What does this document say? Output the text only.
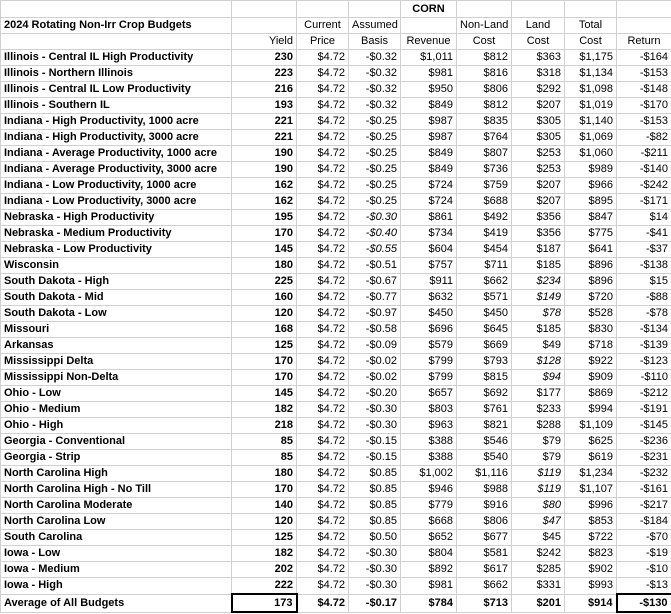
				CORN				
2024 Rotating Non-Irr Crop Budgets		Current	Assumed		Non-Land	Land	Total	
	Yield	Price	Basis	Revenue	Cost	Cost	Cost	Return
Illinois - Central IL High Productivity	230	$4.72	-$0.32	$1,011	$812	$363	$1,175	-$164
Illinois - Northern Illinois	223	$4.72	-$0.32	$981	$816	$318	$1,134	-$153
Illinois - Central IL Low Productivity	216	$4.72	-$0.32	$950	$806	$292	$1,098	-$148
Illinois - Southern IL	193	$4.72	-$0.32	$849	$812	$207	$1,019	-$170
Indiana - High Productivity, 1000 acre	221	$4.72	-$0.25	$987	$835	$305	$1,140	-$153
Indiana - High Productivity, 3000 acre	221	$4.72	-$0.25	$987	$764	$305	$1,069	-$82
Indiana - Average Productivity, 1000 acre	190	$4.72	-$0.25	$849	$807	$253	$1,060	-$211
Indiana - Average Productivity, 3000 acre	190	$4.72	-$0.25	$849	$736	$253	$989	-$140
Indiana - Low Productivity, 1000 acre	162	$4.72	-$0.25	$724	$759	$207	$966	-$242
Indiana - Low Productivity, 3000 acre	162	$4.72	-$0.25	$724	$688	$207	$895	-$171
Nebraska - High Productivity	195	$4.72	-$0.30	$861	$492	$356	$847	$14
Nebraska - Medium Productivity	170	$4.72	-$0.40	$734	$419	$356	$775	-$41
Nebraska - Low Productivity	145	$4.72	-$0.55	$604	$454	$187	$641	-$37
Wisconsin	180	$4.72	-$0.51	$757	$711	$185	$896	-$138
South Dakota - High	225	$4.72	-$0.67	$911	$662	$234	$896	$15
South Dakota - Mid	160	$4.72	-$0.77	$632	$571	$149	$720	-$88
South Dakota - Low	120	$4.72	-$0.97	$450	$450	$78	$528	-$78
Missouri	168	$4.72	-$0.58	$696	$645	$185	$830	-$134
Arkansas	125	$4.72	-$0.09	$579	$669	$49	$718	-$139
Mississippi Delta	170	$4.72	-$0.02	$799	$793	$128	$922	-$123
Mississippi Non-Delta	170	$4.72	-$0.02	$799	$815	$94	$909	-$110
Ohio - Low	145	$4.72	-$0.20	$657	$692	$177	$869	-$212
Ohio - Medium	182	$4.72	-$0.30	$803	$761	$233	$994	-$191
Ohio - High	218	$4.72	-$0.30	$963	$821	$288	$1,109	-$145
Georgia - Conventional	85	$4.72	-$0.15	$388	$546	$79	$625	-$236
Georgia - Strip	85	$4.72	-$0.15	$388	$540	$79	$619	-$231
North Carolina High	180	$4.72	$0.85	$1,002	$1,116	$119	$1,234	-$232
North Carolina High - No Till	170	$4.72	$0.85	$946	$988	$119	$1,107	-$161
North Carolina Moderate	140	$4.72	$0.85	$779	$916	$80	$996	-$217
North Carolina Low	120	$4.72	$0.85	$668	$806	$47	$853	-$184
South Carolina	125	$4.72	$0.50	$652	$677	$45	$722	-$70
Iowa - Low	182	$4.72	-$0.30	$804	$581	$242	$823	-$19
Iowa - Medium	202	$4.72	-$0.30	$892	$617	$285	$902	-$10
Iowa - High	222	$4.72	-$0.30	$981	$662	$331	$993	-$13
Average of All Budgets	173	$4.72	-$0.17	$784	$713	$201	$914	-$130
